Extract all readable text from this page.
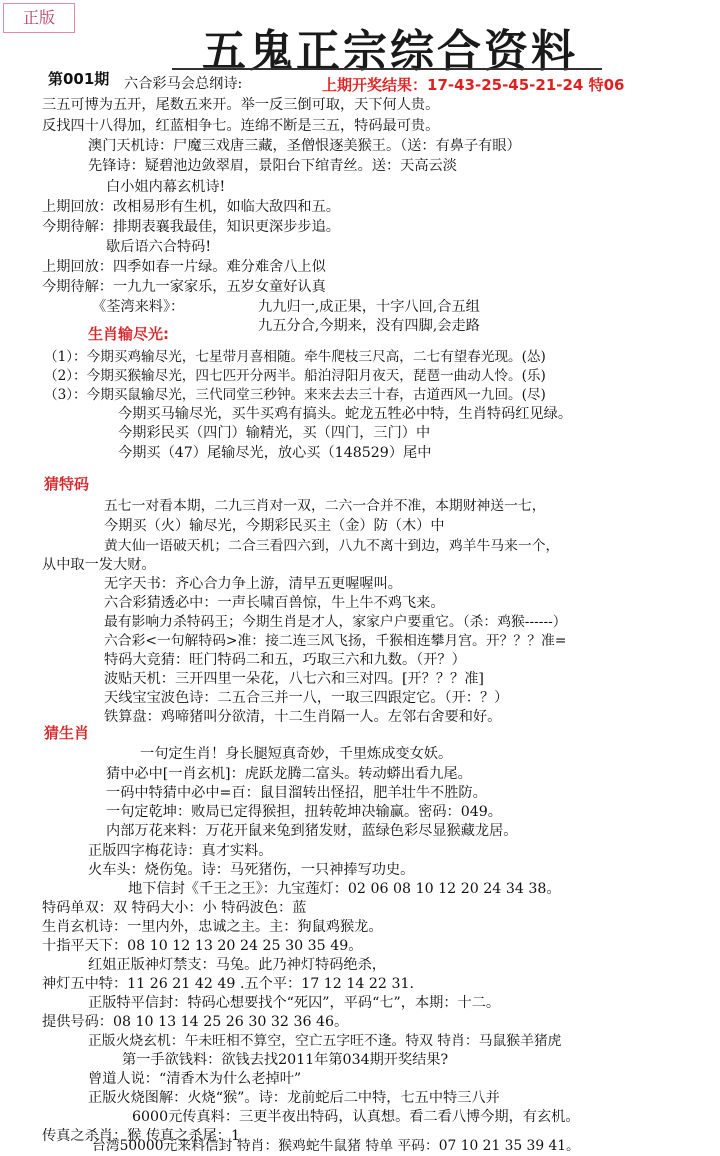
正版
五鬼正宗综合资料
第001期	上期开奖结果：17-43-25-45-21-24 特06
六合彩马会总纲诗:
三五可博为五开，尾数五来开。举一反三倒可取，天下何人贵。
反找四十八得加，红蓝相争七。连绵不断是三五，特码最可贵。
澳门天机诗：尸魔三戏唐三藏，圣僧恨逐美猴王。（送：有鼻子有眼）
先锋诗：疑碧池边敛翠眉，景阳台下绾青丝。送：天高云淡
白小姐内幕玄机诗!
上期回放：改相易形有生机，如临大敌四和五。
今期待解：排期表襄我最佳，知识更深步步追。
歇后语六合特码!
上期回放：四季如春一片绿。难分难舍八上似
今期待解：一九九一家家乐，五岁女童好认真
《荃湾来料》：	九九归一,成正果，十字八回,合五组
九五分合,今期来，没有四脚,会走路
生肖输尽光:
（1）：今期买鸡输尽光，七星带月喜相随。牵牛爬枝三尺高，二七有望春光现。(怂)
（2）：今期买猴输尽光，四七匹开分两半。船泊浔阳月夜天，琵琶一曲动人怜。(乐)
（3）：今期买鼠输尽光，三代同堂三秒钟。来来去去三十春，古道西风一九回。(尽)
今期买马输尽光，买牛买鸡有搞头。蛇龙五牲必中特，生肖特码红见绿。
今期彩民买（四门）输精光，买（四门，三门）中
今期买（47）尾输尽光，放心买（148529）尾中
猜特码
五七一对看本期，二九三肖对一双，二六一合并不准，本期财神送一七，
今期买（火）输尽光，今期彩民买主（金）防（木）中
黄大仙一语破天机；二合三看四六到，八九不离十到边，鸡羊牛马来一个，
从中取一发大财。
无字天书：齐心合力争上游，清早五更喔喔叫。
六合彩猜透必中：一声长啸百兽惊，牛上牛不鸡飞来。
最有影响力杀特码王；今期生肖是才人，家家户户要重它。（杀：鸡猴------）
六合彩<一句解特码>准：接二连三风飞扬，千猴相连攀月宫。开？？？准=
特码大竞猜：旺门特码二和五，巧取三六和九数。（开？）
波贴天机：三开四里一朵花，八七六和三对四。[开？？？准]
天线宝宝波色诗：二五合三并一八，一取三四跟定它。（开：？）
铁算盘：鸡啼猪叫分欲清，十二生肖隔一人。左邻右舍要和好。
猜生肖
一句定生肖！身长腿短真奇妙，千里炼成变女妖。
猜中必中[一肖玄机]：虎跃龙腾二富头。转动蟒出看九尾。
一码中特猜中必中=百：鼠目溜转出怪招，肥羊壮牛不胜防。
一句定乾坤：败局已定得猴担，扭转乾坤决输赢。密码：049。
内部万花来料：万花开鼠来兔到猪发财，蓝绿色彩尽显猴藏龙居。
正版四字梅花诗：真才实料。
火车头：烧伤兔。诗：马死猪伤，一只神捧写功史。
地下信封《千王之王》：九宝莲灯：02 06 08 10 12 20 24 34 38。
特码单双：双 特码大小：小 特码波色：蓝
生肖玄机诗：一里内外，忠诚之主。主：狗鼠鸡猴龙。
十指平天下：08 10 12 13 20 24 25 30 35 49。
红姐正版神灯禁支：马兔。此乃神灯特码绝杀，
神灯五中特：11 26 21 42 49 .五个平：17 12 14 22 31.
正版特平信封：特码心想要找个“死囚”，平码“七”，本期：十二。
提供号码：08 10 13 14 25 26 30 32 36 46。
正版火烧玄机：午未旺相不算空，空亡五字旺不逢。特双 特肖：马鼠猴羊猪虎
第一手欲钱料：欲钱去找2011年第034期开奖结果?
曾道人说：“清香木为什么老掉叶”
正版火烧图解：火烧“猴”。诗：龙前蛇后二中特，七五中特三八并
6000元传真料：三更半夜出特码，认真想。看二看八博今期，有玄机。
传真之杀肖：猴 传真之杀尾：1
台湾50000元来料信封 特肖：猴鸡蛇牛鼠猪 特单 平码：07 10 21 35 39 41。
